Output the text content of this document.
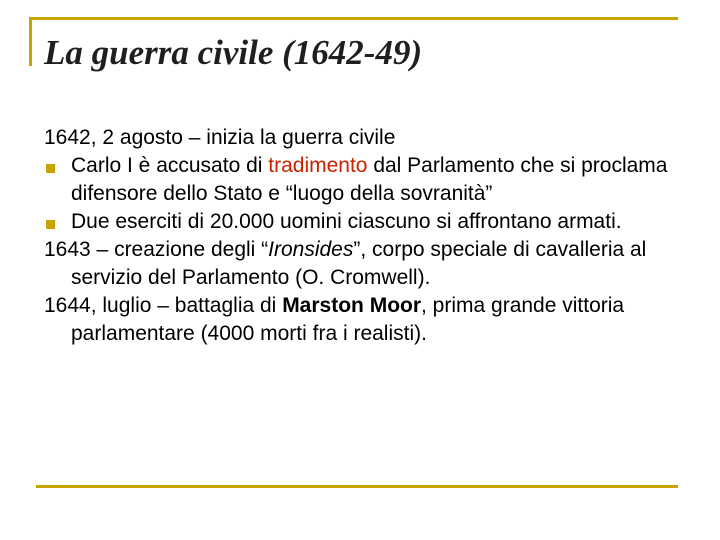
La guerra civile (1642-49)

1642, 2 agosto – inizia la guerra civile

Carlo I è accusato di tradimento dal Parlamento che si proclama difensore dello Stato e “luogo della sovranità”

Due eserciti di 20.000 uomini ciascuno si affrontano armati.

1643 – creazione degli “Ironsides”, corpo speciale di cavalleria al servizio del Parlamento (O. Cromwell).

1644, luglio – battaglia di Marston Moor, prima grande vittoria parlamentare (4000 morti fra i realisti).
